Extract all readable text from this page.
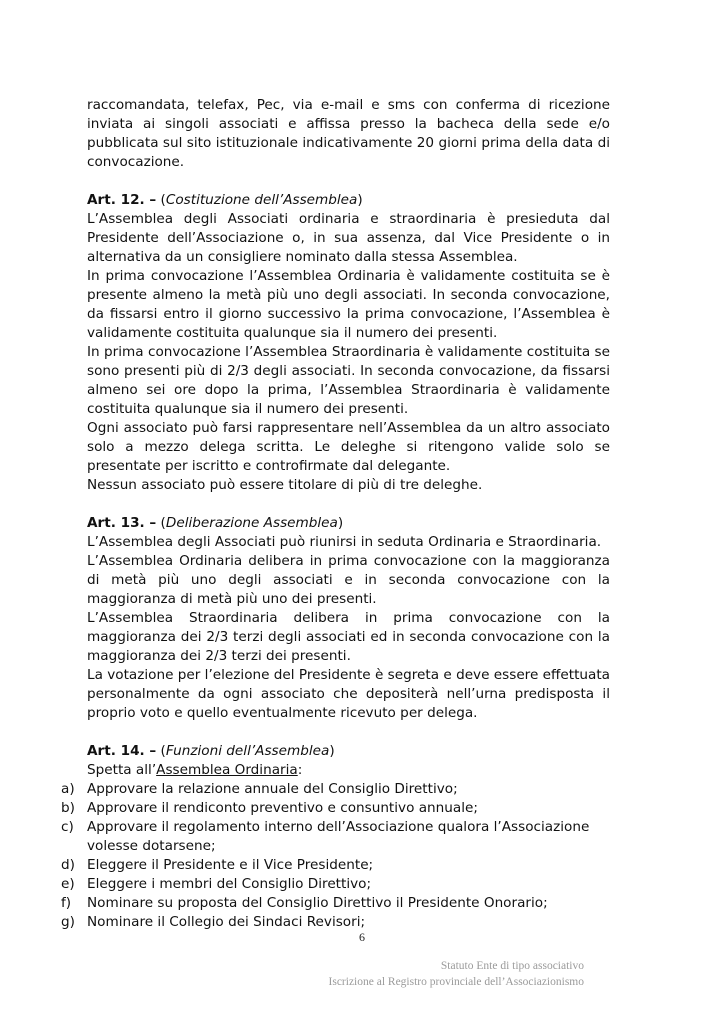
raccomandata, telefax, Pec, via e-mail e sms con conferma di ricezione inviata ai singoli associati e affissa presso la bacheca della sede e/o pubblicata sul sito istituzionale indicativamente 20 giorni prima della data di convocazione.

Art. 12. – (Costituzione dell’Assemblea)

L’Assemblea degli Associati ordinaria e straordinaria è presieduta dal Presidente dell’Associazione o, in sua assenza, dal Vice Presidente o in alternativa da un consigliere nominato dalla stessa Assemblea.

In prima convocazione l’Assemblea Ordinaria è validamente costituita se è presente almeno la metà più uno degli associati. In seconda convocazione, da fissarsi entro il giorno successivo la prima convocazione, l’Assemblea è validamente costituita qualunque sia il numero dei presenti.

In prima convocazione l’Assemblea Straordinaria è validamente costituita se sono presenti più di 2/3 degli associati. In seconda convocazione, da fissarsi almeno sei ore dopo la prima, l’Assemblea Straordinaria è validamente costituita qualunque sia il numero dei presenti.

Ogni associato può farsi rappresentare nell’Assemblea da un altro associato solo a mezzo delega scritta. Le deleghe si ritengono valide solo se presentate per iscritto e controfirmate dal delegante.

Nessun associato può essere titolare di più di tre deleghe.

Art. 13. – (Deliberazione Assemblea)

L’Assemblea degli Associati può riunirsi in seduta Ordinaria e Straordinaria.

L’Assemblea Ordinaria delibera in prima convocazione con la maggioranza di metà più uno degli associati e in seconda convocazione con la maggioranza di metà più uno dei presenti.

L’Assemblea Straordinaria delibera in prima convocazione con la maggioranza dei 2/3 terzi degli associati ed in seconda convocazione con la maggioranza dei 2/3 terzi dei presenti.

La votazione per l’elezione del Presidente è segreta e deve essere effettuata personalmente da ogni associato che depositerà nell’urna predisposta il proprio voto e quello eventualmente ricevuto per delega.

Art. 14. – (Funzioni dell’Assemblea)

Spetta all’Assemblea Ordinaria:

a) Approvare la relazione annuale del Consiglio Direttivo;
b) Approvare il rendiconto preventivo e consuntivo annuale;
c) Approvare il regolamento interno dell’Associazione qualora l’Associazione volesse dotarsene;
d) Eleggere il Presidente e il Vice Presidente;
e) Eleggere i membri del Consiglio Direttivo;
f) Nominare su proposta del Consiglio Direttivo il Presidente Onorario;
g) Nominare il Collegio dei Sindaci Revisori;
6
Statuto Ente di tipo associativo
Iscrizione al Registro provinciale dell’Associazionismo
